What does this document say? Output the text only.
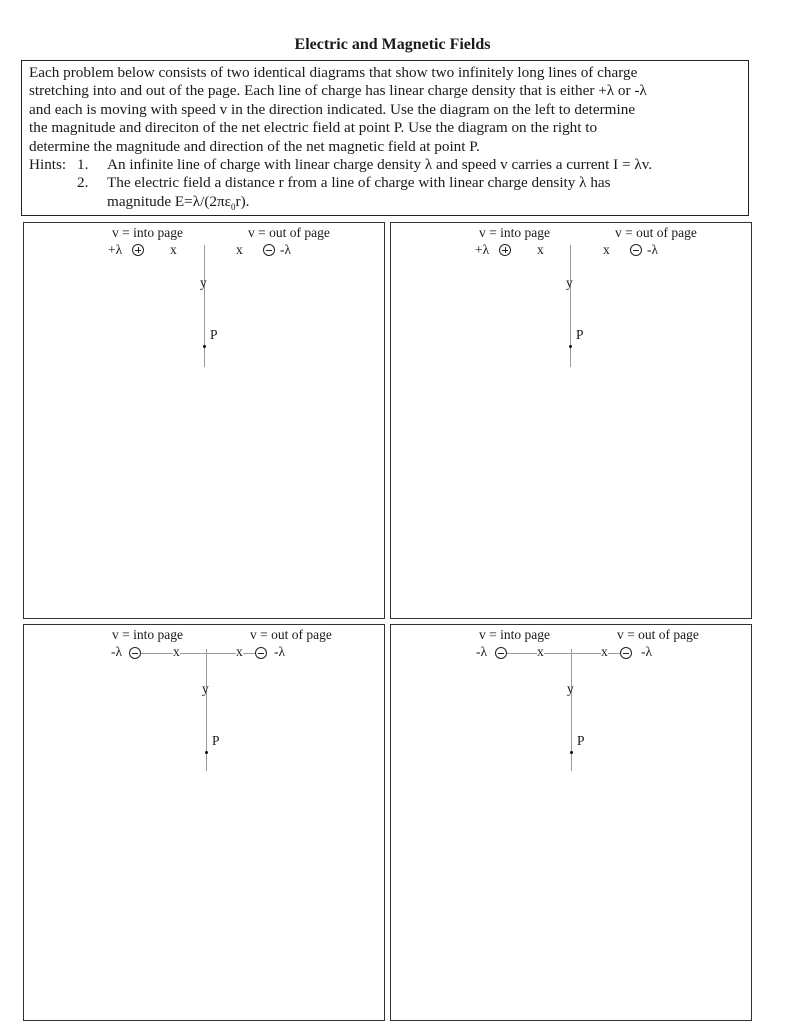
Electric and Magnetic Fields

Each problem below consists of two identical diagrams that show two infinitely long lines of charge

stretching into and out of the page. Each line of charge has linear charge density that is either +λ or -λ

and each is moving with speed v in the direction indicated. Use the diagram on the left to determine

the magnitude and direciton of the net electric field at point P. Use the diagram on the right to

determine the magnitude and direction of the net magnetic field at point P.

Hints: 1.	An infinite line of charge with linear charge density λ and speed v carries a current I = λv.
2.	The electric field a distance r from a line of charge with linear charge density λ has
magnitude $E=\lambda/(2\pi\varepsilon_0r)$.
v = into page	v = out of page
+λ	x	x	-λ
y
P
v = into page	v = out of page
+λ	x	x	-λ
y
P
v = into page	v = out of page
-λ	x	x -λ
y
P
v = into page	v = out of page
-λ	x	x -λ
y
P
